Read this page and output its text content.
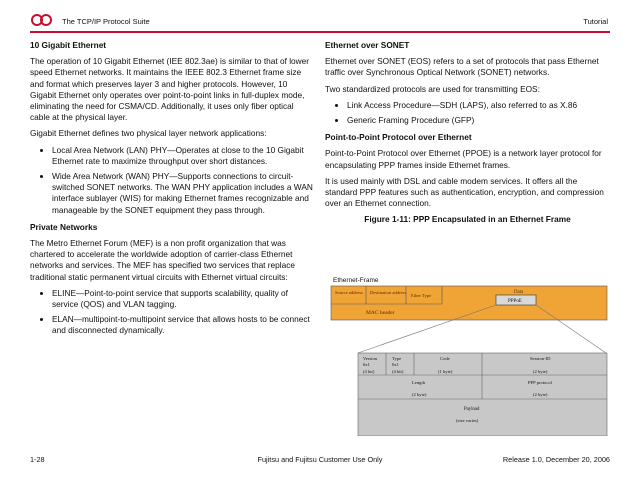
The TCP/IP Protocol Suite	Tutorial
10 Gigabit Ethernet

The operation of 10 Gigabit Ethernet (IEE 802.3ae) is similar to that of lower speed Ethernet networks. It maintains the IEEE 802.3 Ethernet frame size and format which preserves layer 3 and higher protocols. However, 10 Gigabit Ethernet only operates over point-to-point links in full-duplex mode, eliminating the need for CSMA/CD. Additionally, it uses only fiber optical cable at the physical layer.

Gigabit Ethernet defines two physical layer network applications:

• Local Area Network (LAN) PHY—Operates at close to the 10 Gigabit Ethernet rate to maximize throughput over short distances.
• Wide Area Network (WAN) PHY—Supports connections to circuit-switched SONET networks. The WAN PHY application includes a WAN interface sublayer (WIS) for making Ethernet frames recognizable and manageable by the SONET equipment they pass through.
Private Networks

The Metro Ethernet Forum (MEF) is a non profit organization that was chartered to accelerate the worldwide adoption of carrier-class Ethernet networks and services. The MEF has specified two services that replace traditional static permanent virtual circuits with Ethernet virtual circuits:

• ELINE—Point-to-point service that supports scalability, quality of service (QOS) and VLAN tagging.
• ELAN—multipoint-to-multipoint service that allows hosts to be connect and disconnected dynamically.
Ethernet over SONET

Ethernet over SONET (EOS) refers to a set of protocols that pass Ethernet traffic over Synchronous Optical Network (SONET) networks.

Two standardized protocols are used for transmitting EOS:

• Link Access Procedure—SDH (LAPS), also referred to as X.86
• Generic Framing Procedure (GFP)
Point-to-Point Protocol over Ethernet

Point-to-Point Protocol over Ethernet (PPOE) is a network layer protocol for encapsulating PPP frames inside Ethernet frames.

It is used mainly with DSL and cable modem services. It offers all the standard PPP features such as authentication, encryption, and compression over an Ethernet connection.

Figure 1-11: PPP Encapsulated in an Ethernet Frame
Ethernet-Frame
Source address Destination address
Ether Type
Data
PPPoE
MAC header
Version
0x1
(4 bit)
Type
0x1
(4 bit)
Code
(1 byte)
Session-ID
(2 byte)
Length
(2 byte)
PPP protocol
(2 byte)
Payload
(size varies)
1-28	Fujitsu and Fujitsu Customer Use Only	Release 1.0, December 20, 2006
